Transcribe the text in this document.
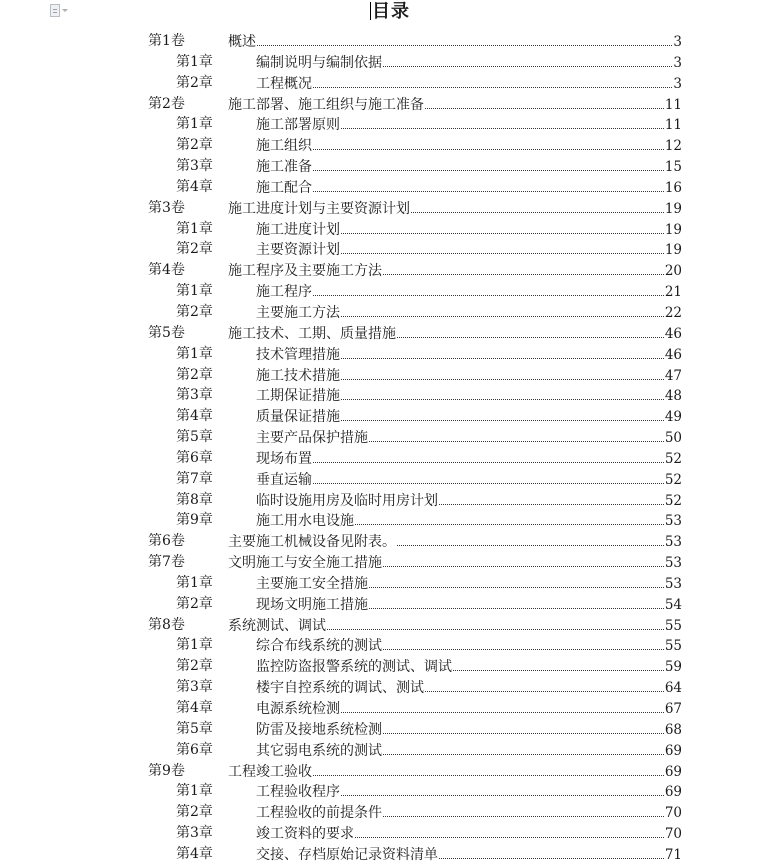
目录
第1卷	概述	3
第1章	编制说明与编制依据	3
第2章	工程概况	3
第2卷	施工部署、施工组织与施工准备	11
第1章	施工部署原则	11
第2章	施工组织	12
第3章	施工准备	15
第4章	施工配合	16
第3卷	施工进度计划与主要资源计划	19
第1章	施工进度计划	19
第2章	主要资源计划	19
第4卷	施工程序及主要施工方法	20
第1章	施工程序	21
第2章	主要施工方法	22
第5卷	施工技术、工期、质量措施	46
第1章	技术管理措施	46
第2章	施工技术措施	47
第3章	工期保证措施	48
第4章	质量保证措施	49
第5章	主要产品保护措施	50
第6章	现场布置	52
第7章	垂直运输	52
第8章	临时设施用房及临时用房计划	52
第9章	施工用水电设施	53
第6卷	主要施工机械设备见附表。	53
第7卷	文明施工与安全施工措施	53
第1章	主要施工安全措施	53
第2章	现场文明施工措施	54
第8卷	系统测试、调试	55
第1章	综合布线系统的测试	55
第2章	监控防盗报警系统的测试、调试	59
第3章	楼宇自控系统的调试、测试	64
第4章	电源系统检测	67
第5章	防雷及接地系统检测	68
第6章	其它弱电系统的测试	69
第9卷	工程竣工验收	69
第1章	工程验收程序	69
第2章	工程验收的前提条件	70
第3章	竣工资料的要求	70
第4章	交接、存档原始记录资料清单	71
